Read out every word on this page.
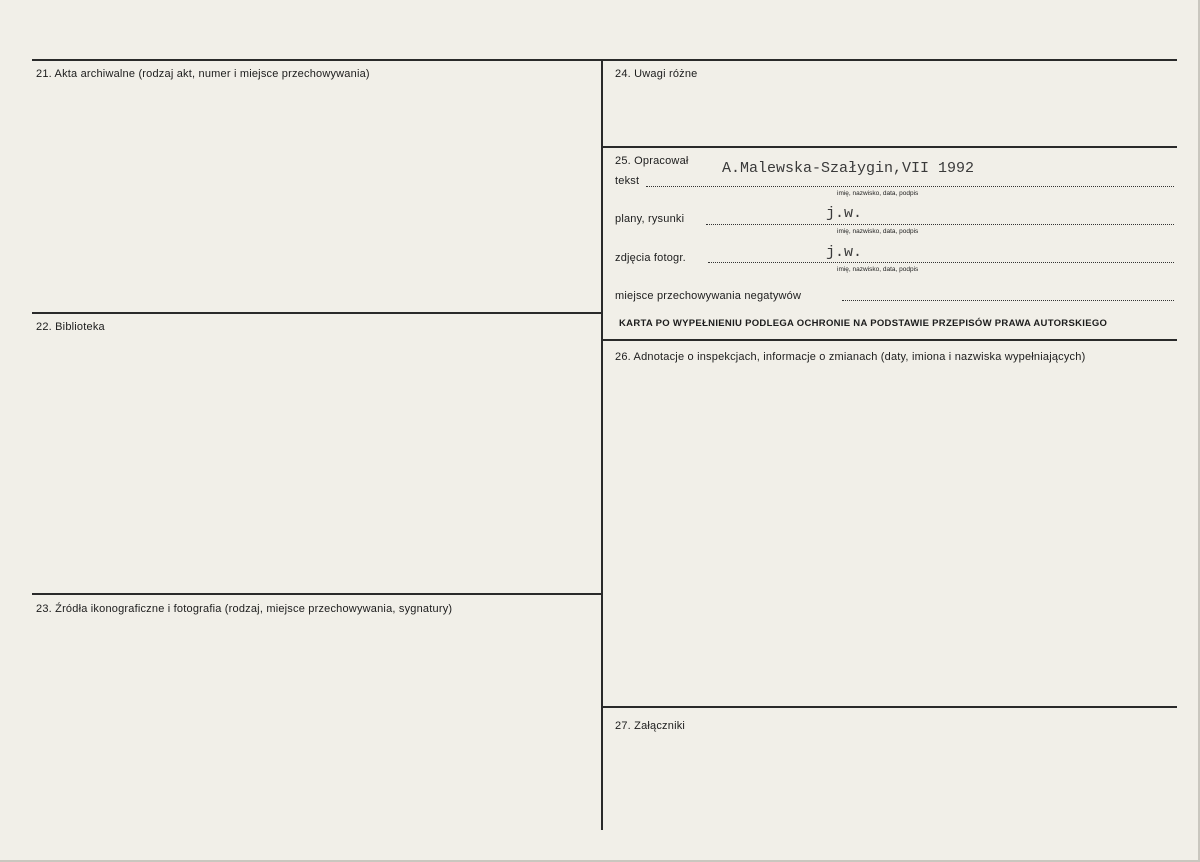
21. Akta archiwalne (rodzaj akt, numer i miejsce przechowywania)
22. Biblioteka
23. Źródła ikonograficzne i fotografia (rodzaj, miejsce przechowywania, sygnatury)
24. Uwagi różne
25. Opracował
tekst
A.Malewska-Szałygin,VII 1992
imię, nazwisko, data, podpis
plany, rysunki	j.w.
imię, nazwisko, data, podpis
zdjęcia fotogr.	j.w.
imię, nazwisko, data, podpis
miejsce przechowywania negatywów
KARTA PO WYPEŁNIENIU PODLEGA OCHRONIE NA PODSTAWIE PRZEPISÓW PRAWA AUTORSKIEGO
26. Adnotacje o inspekcjach, informacje o zmianach (daty, imiona i nazwiska wypełniających)
27. Załączniki
